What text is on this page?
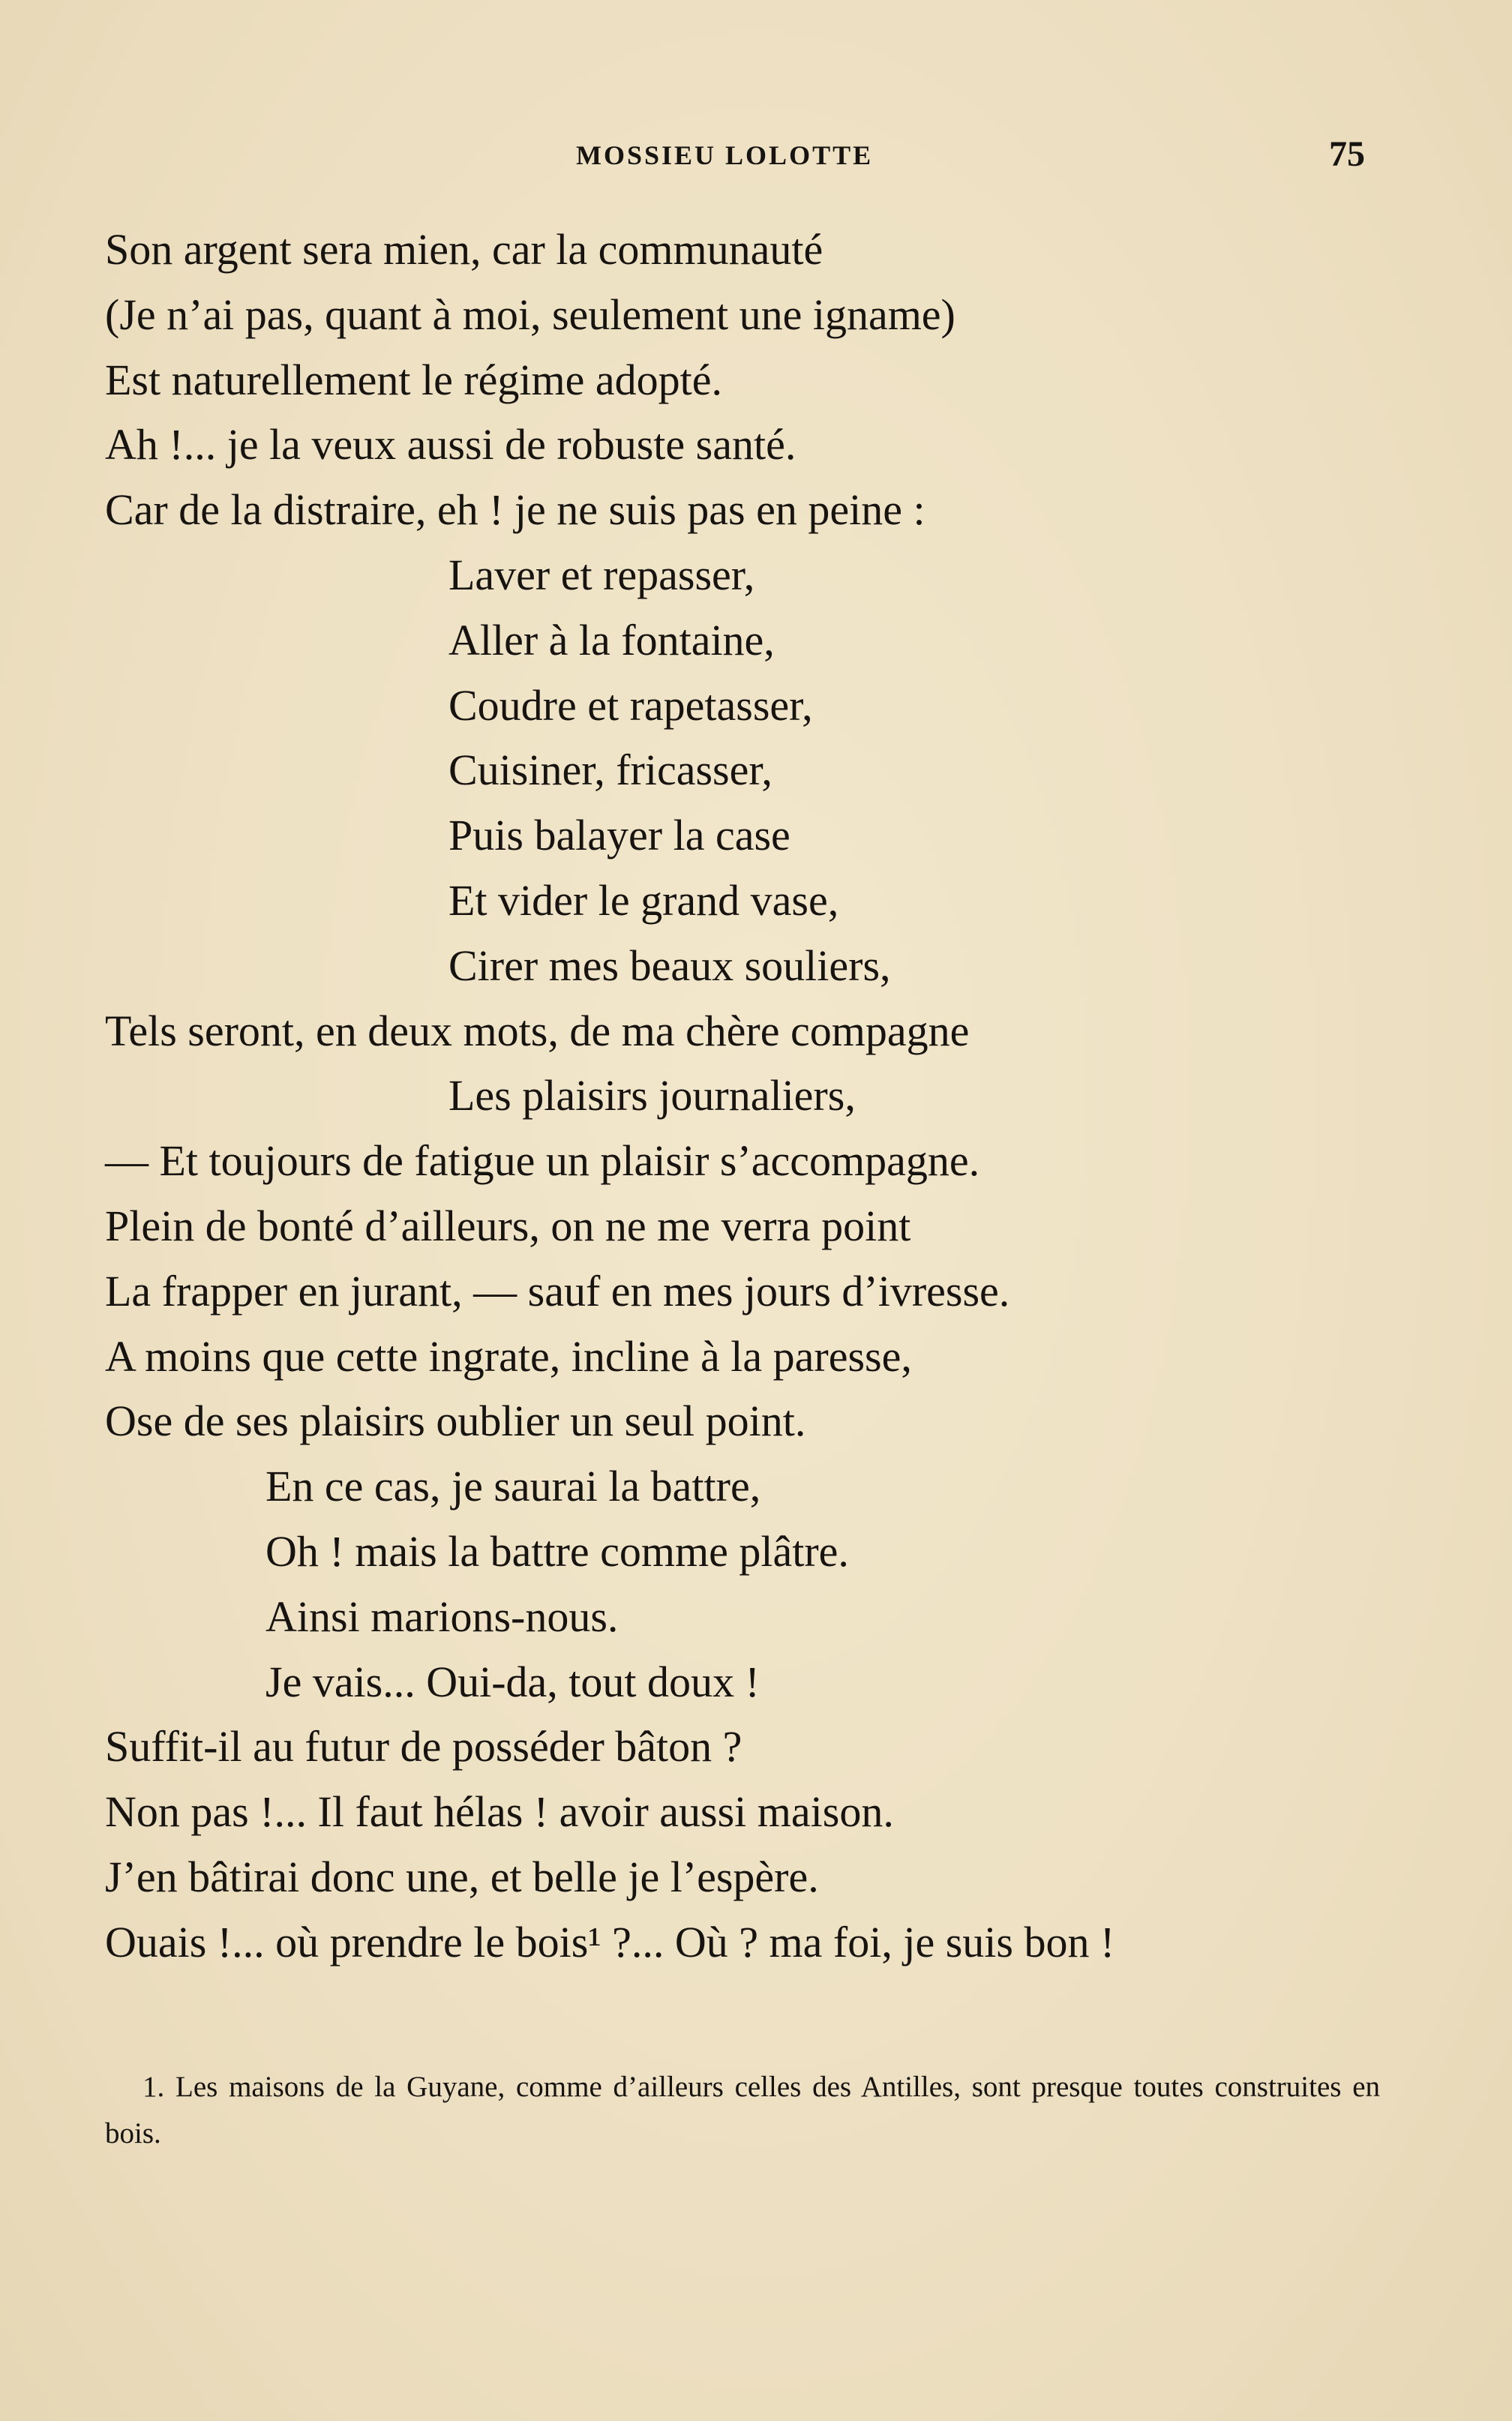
MOSSIEU LOLOTTE	75
Son argent sera mien, car la communauté
(Je n’ai pas, quant à moi, seulement une igname)
Est naturellement le régime adopté.
Ah !... je la veux aussi de robuste santé.
Car de la distraire, eh ! je ne suis pas en peine :
Laver et repasser,
Aller à la fontaine,
Coudre et rapetasser,
Cuisiner, fricasser,
Puis balayer la case
Et vider le grand vase,
Cirer mes beaux souliers,
Tels seront, en deux mots, de ma chère compagne
Les plaisirs journaliers,
— Et toujours de fatigue un plaisir s’accompagne.
Plein de bonté d’ailleurs, on ne me verra point
La frapper en jurant, — sauf en mes jours d’ivresse.
A moins que cette ingrate, incline à la paresse,
Ose de ses plaisirs oublier un seul point.
En ce cas, je saurai la battre,
Oh ! mais la battre comme plâtre.
Ainsi marions-nous.
Je vais... Oui-da, tout doux !
Suffit-il au futur de posséder bâton ?
Non pas !... Il faut hélas ! avoir aussi maison.
J’en bâtirai donc une, et belle je l’espère.
Ouais !... où prendre le bois¹ ?... Où ? ma foi, je suis bon !
1. Les maisons de la Guyane, comme d’ailleurs celles des Antilles, sont presque toutes construites en bois.
